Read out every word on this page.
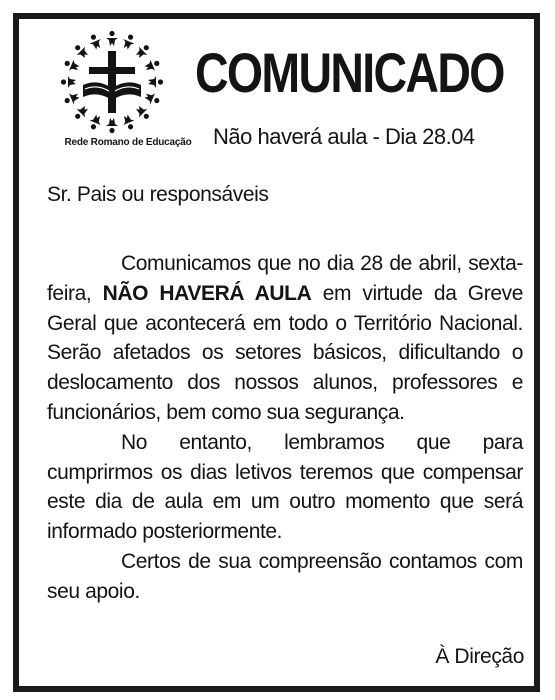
Rede Romano de Educação
COMUNICADO
Não haverá aula - Dia 28.04
Sr. Pais ou responsáveis

Comunicamos que no dia 28 de abril, sexta-feira, NÃO HAVERÁ AULA em virtude da Greve Geral que acontecerá em todo o Território Nacional. Serão afetados os setores básicos, dificultando o deslocamento dos nossos alunos, professores e funcionários, bem como sua segurança.

No entanto, lembramos que para cumprirmos os dias letivos teremos que compensar este dia de aula em um outro momento que será informado posteriormente.

Certos de sua compreensão contamos com seu apoio.

À Direção
